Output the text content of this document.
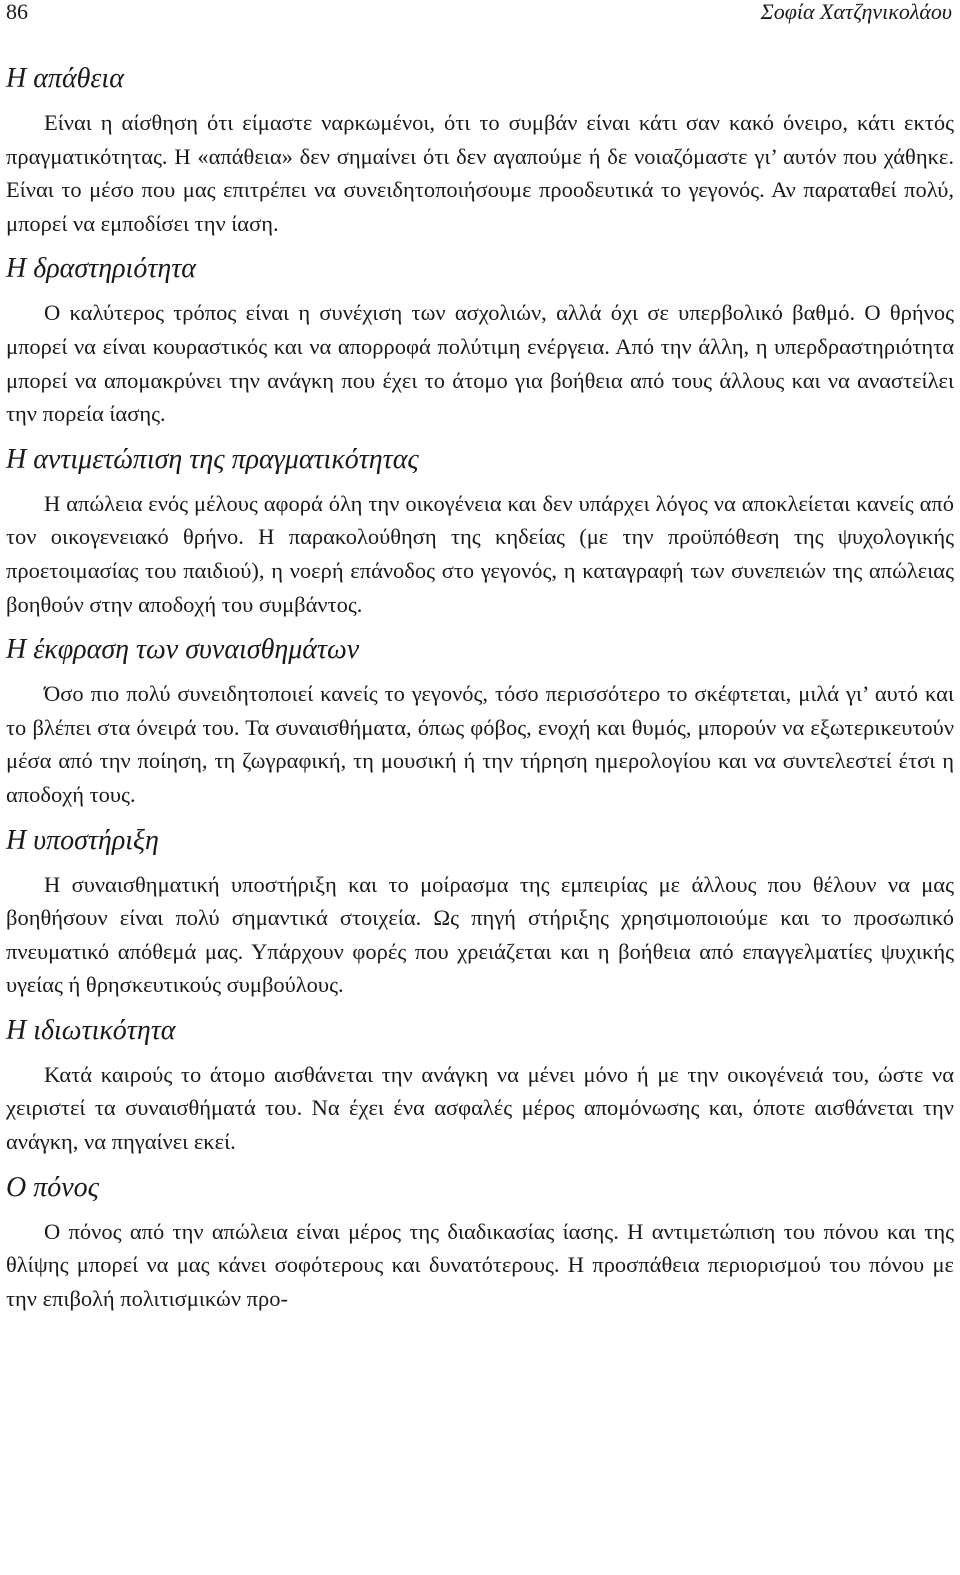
86	Σοφία Χατζηνικολάου
Η απάθεια

Είναι η αίσθηση ότι είμαστε ναρκωμένοι, ότι το συμβάν είναι κάτι σαν κακό όνειρο, κάτι εκτός πραγματικότητας. Η «απάθεια» δεν σημαίνει ότι δεν αγαπούμε ή δε νοιαζόμαστε γι’ αυτόν που χάθηκε. Είναι το μέσο που μας επιτρέπει να συνειδητοποιήσουμε προοδευτικά το γεγονός. Αν παραταθεί πολύ, μπορεί να εμποδίσει την ίαση.

Η δραστηριότητα

Ο καλύτερος τρόπος είναι η συνέχιση των ασχολιών, αλλά όχι σε υπερβολικό βαθμό. Ο θρήνος μπορεί να είναι κουραστικός και να απορροφά πολύτιμη ενέργεια. Από την άλλη, η υπερδραστηριότητα μπορεί να απομακρύνει την ανάγκη που έχει το άτομο για βοήθεια από τους άλλους και να αναστείλει την πορεία ίασης.

Η αντιμετώπιση της πραγματικότητας

Η απώλεια ενός μέλους αφορά όλη την οικογένεια και δεν υπάρχει λόγος να αποκλείεται κανείς από τον οικογενειακό θρήνο. Η παρακολούθηση της κηδείας (με την προϋπόθεση της ψυχολογικής προετοιμασίας του παιδιού), η νοερή επάνοδος στο γεγονός, η καταγραφή των συνεπειών της απώλειας βοηθούν στην αποδοχή του συμβάντος.

Η έκφραση των συναισθημάτων

Όσο πιο πολύ συνειδητοποιεί κανείς το γεγονός, τόσο περισσότερο το σκέφτεται, μιλά γι’ αυτό και το βλέπει στα όνειρά του. Τα συναισθήματα, όπως φόβος, ενοχή και θυμός, μπορούν να εξωτερικευτούν μέσα από την ποίηση, τη ζωγραφική, τη μουσική ή την τήρηση ημερολογίου και να συντελεστεί έτσι η αποδοχή τους.

Η υποστήριξη

Η συναισθηματική υποστήριξη και το μοίρασμα της εμπειρίας με άλλους που θέλουν να μας βοηθήσουν είναι πολύ σημαντικά στοιχεία. Ως πηγή στήριξης χρησιμοποιούμε και το προσωπικό πνευματικό απόθεμά μας. Υπάρχουν φορές που χρειάζεται και η βοήθεια από επαγγελματίες ψυχικής υγείας ή θρησκευτικούς συμβούλους.

Η ιδιωτικότητα

Κατά καιρούς το άτομο αισθάνεται την ανάγκη να μένει μόνο ή με την οικογένειά του, ώστε να χειριστεί τα συναισθήματά του. Να έχει ένα ασφαλές μέρος απομόνωσης και, όποτε αισθάνεται την ανάγκη, να πηγαίνει εκεί.

Ο πόνος

Ο πόνος από την απώλεια είναι μέρος της διαδικασίας ίασης. Η αντιμετώπιση του πόνου και της θλίψης μπορεί να μας κάνει σοφότερους και δυνατότερους. Η προσπάθεια περιορισμού του πόνου με την επιβολή πολιτισμικών προ-
